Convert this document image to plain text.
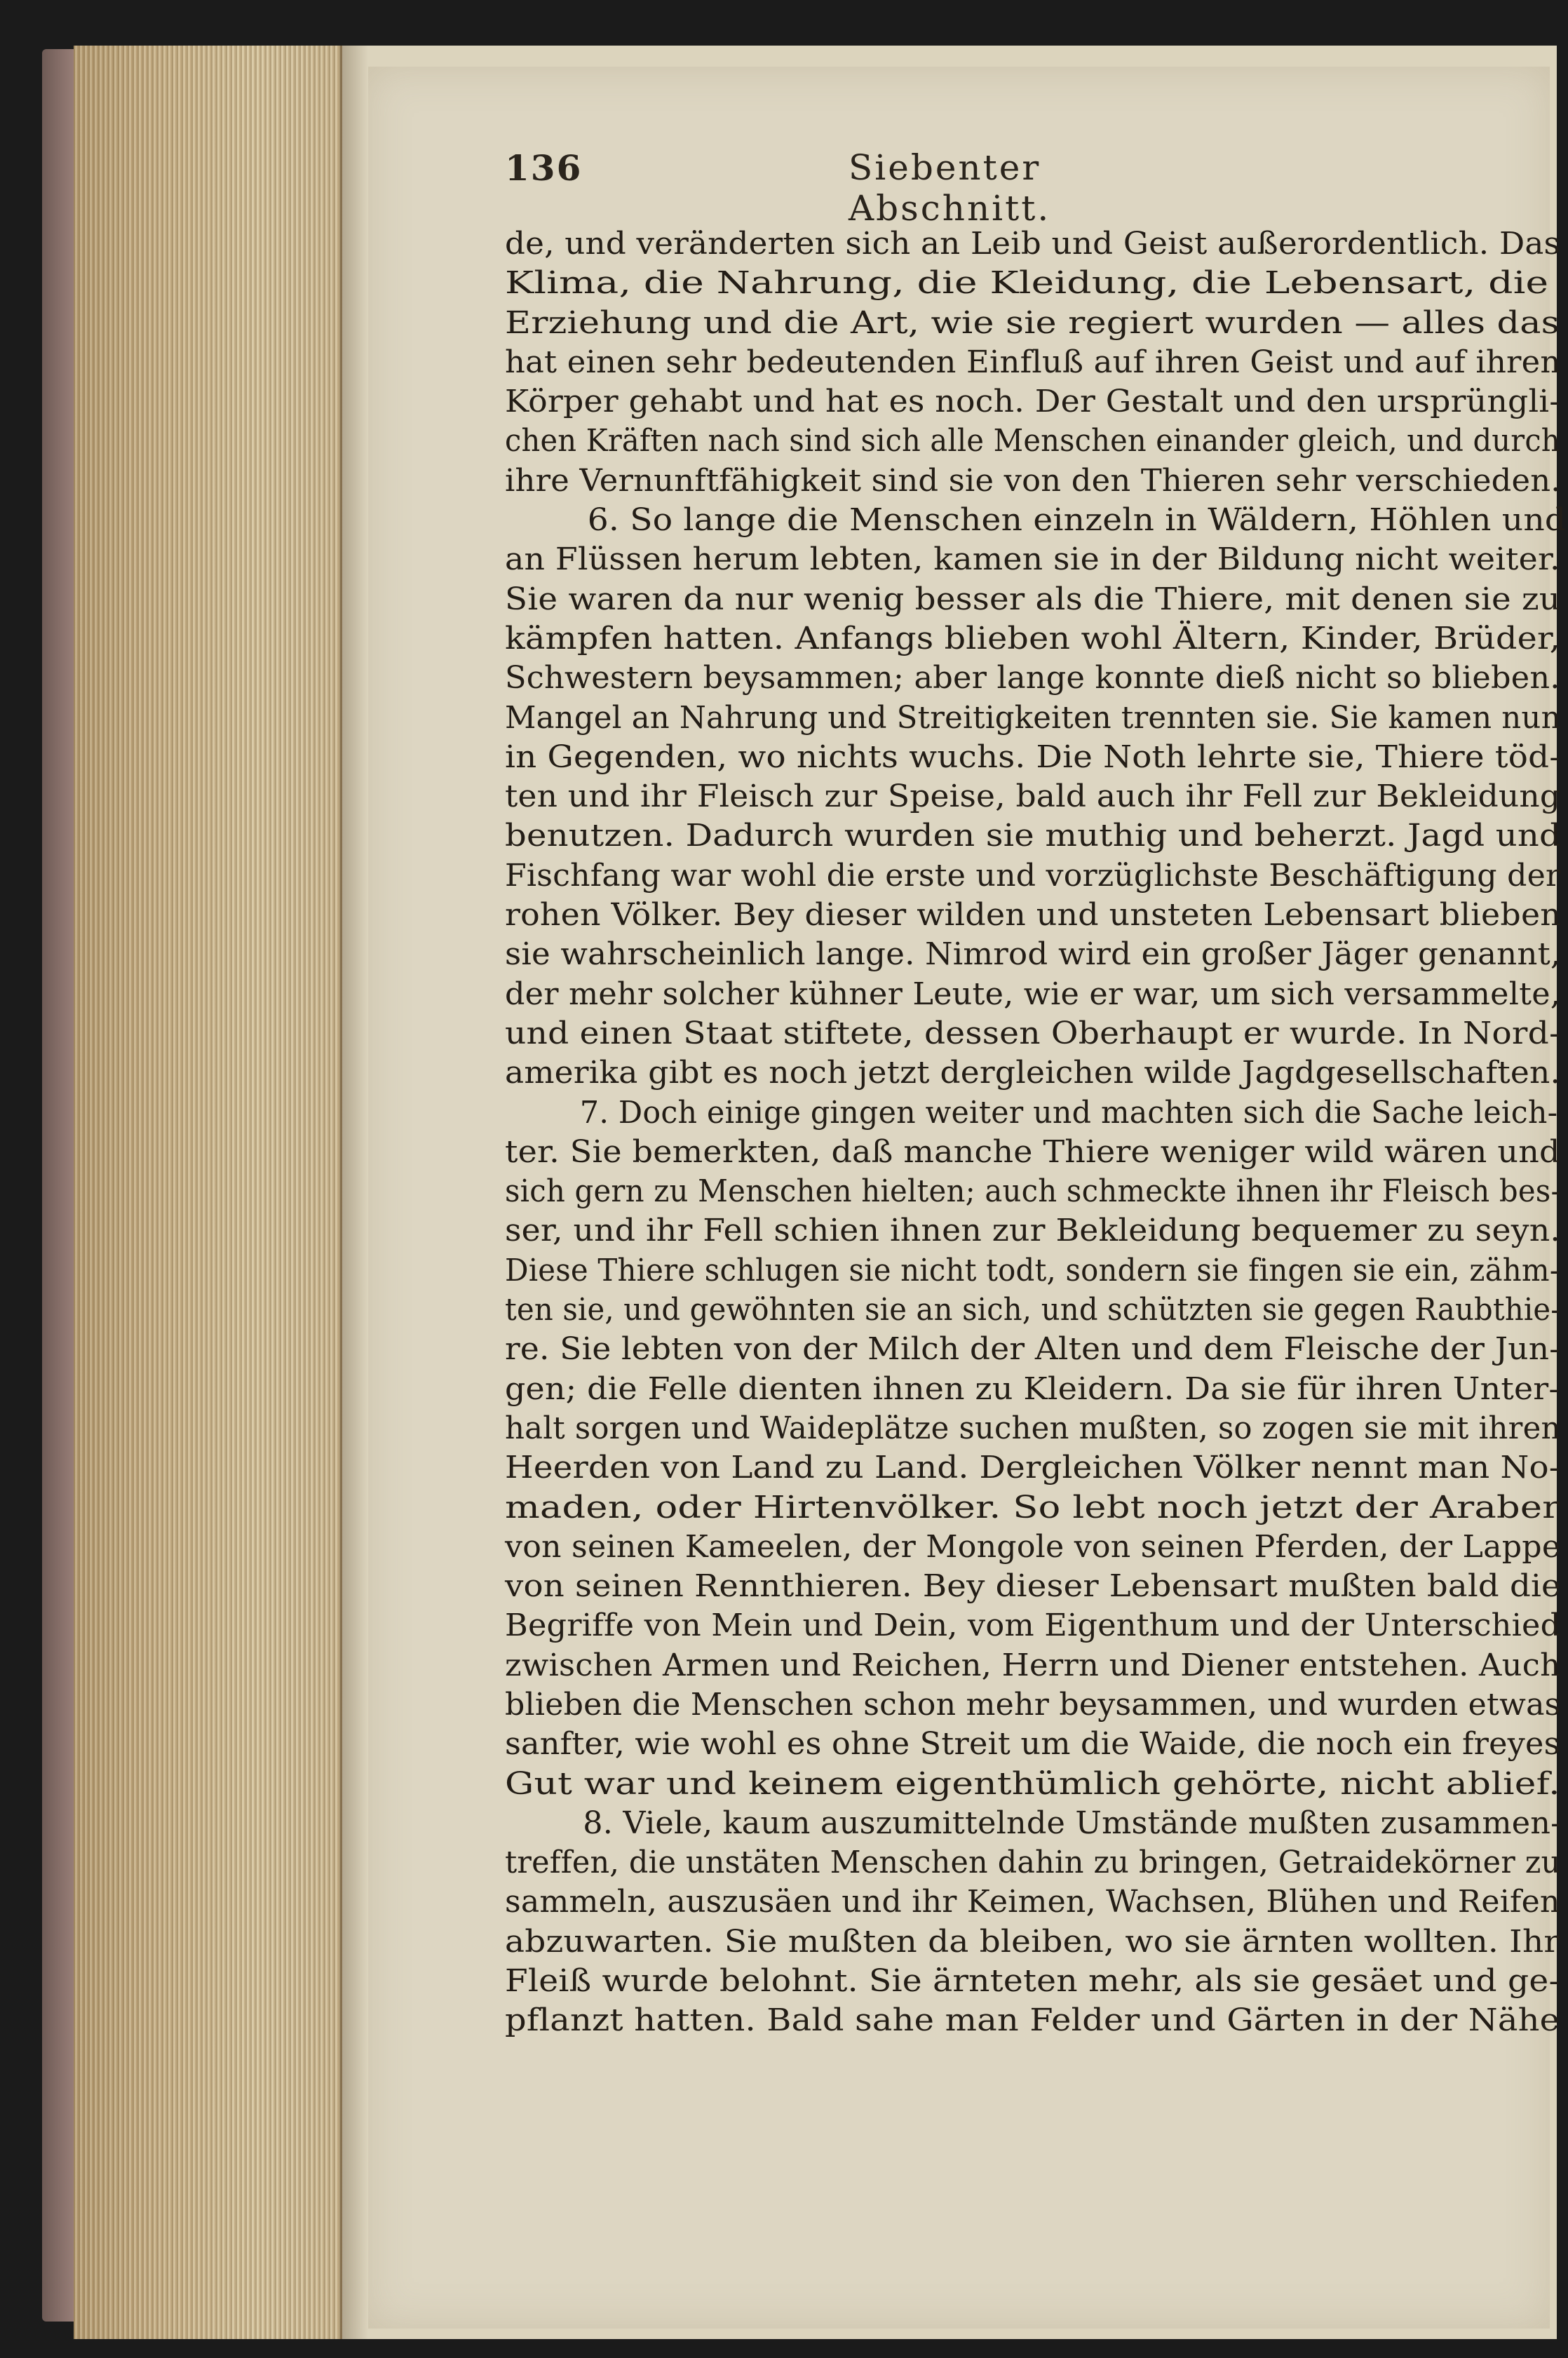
136	Siebenter Abschnitt.
de, und veränderten sich an Leib und Geist außerordentlich. Das
Klima, die Nahrung, die Kleidung, die Lebensart, die
Erziehung und die Art, wie sie regiert wurden — alles das
hat einen sehr bedeutenden Einfluß auf ihren Geist und auf ihren
Körper gehabt und hat es noch. Der Gestalt und den ursprüngli-
chen Kräften nach sind sich alle Menschen einander gleich, und durch
ihre Vernunftfähigkeit sind sie von den Thieren sehr verschieden.
6. So lange die Menschen einzeln in Wäldern, Höhlen und
an Flüssen herum lebten, kamen sie in der Bildung nicht weiter.
Sie waren da nur wenig besser als die Thiere, mit denen sie zu
kämpfen hatten. Anfangs blieben wohl Ältern, Kinder, Brüder,
Schwestern beysammen; aber lange konnte dieß nicht so blieben.
Mangel an Nahrung und Streitigkeiten trennten sie. Sie kamen nun
in Gegenden, wo nichts wuchs. Die Noth lehrte sie, Thiere töd-
ten und ihr Fleisch zur Speise, bald auch ihr Fell zur Bekleidung
benutzen. Dadurch wurden sie muthig und beherzt. Jagd und
Fischfang war wohl die erste und vorzüglichste Beschäftigung der
rohen Völker. Bey dieser wilden und unsteten Lebensart blieben
sie wahrscheinlich lange. Nimrod wird ein großer Jäger genannt,
der mehr solcher kühner Leute, wie er war, um sich versammelte,
und einen Staat stiftete, dessen Oberhaupt er wurde. In Nord-
amerika gibt es noch jetzt dergleichen wilde Jagdgesellschaften.
7. Doch einige gingen weiter und machten sich die Sache leich-
ter. Sie bemerkten, daß manche Thiere weniger wild wären und
sich gern zu Menschen hielten; auch schmeckte ihnen ihr Fleisch bes-
ser, und ihr Fell schien ihnen zur Bekleidung bequemer zu seyn.
Diese Thiere schlugen sie nicht todt, sondern sie fingen sie ein, zähm-
ten sie, und gewöhnten sie an sich, und schützten sie gegen Raubthie-
re. Sie lebten von der Milch der Alten und dem Fleische der Jun-
gen; die Felle dienten ihnen zu Kleidern. Da sie für ihren Unter-
halt sorgen und Waideplätze suchen mußten, so zogen sie mit ihren
Heerden von Land zu Land. Dergleichen Völker nennt man No-
maden, oder Hirtenvölker. So lebt noch jetzt der Araber
von seinen Kameelen, der Mongole von seinen Pferden, der Lappe
von seinen Rennthieren. Bey dieser Lebensart mußten bald die
Begriffe von Mein und Dein, vom Eigenthum und der Unterschied
zwischen Armen und Reichen, Herrn und Diener entstehen. Auch
blieben die Menschen schon mehr beysammen, und wurden etwas
sanfter, wie wohl es ohne Streit um die Waide, die noch ein freyes
Gut war und keinem eigenthümlich gehörte, nicht ablief.
8. Viele, kaum auszumittelnde Umstände mußten zusammen-
treffen, die unstäten Menschen dahin zu bringen, Getraidekörner zu
sammeln, auszusäen und ihr Keimen, Wachsen, Blühen und Reifen
abzuwarten. Sie mußten da bleiben, wo sie ärnten wollten. Ihr
Fleiß wurde belohnt. Sie ärnteten mehr, als sie gesäet und ge-
pflanzt hatten. Bald sahe man Felder und Gärten in der Nähe
